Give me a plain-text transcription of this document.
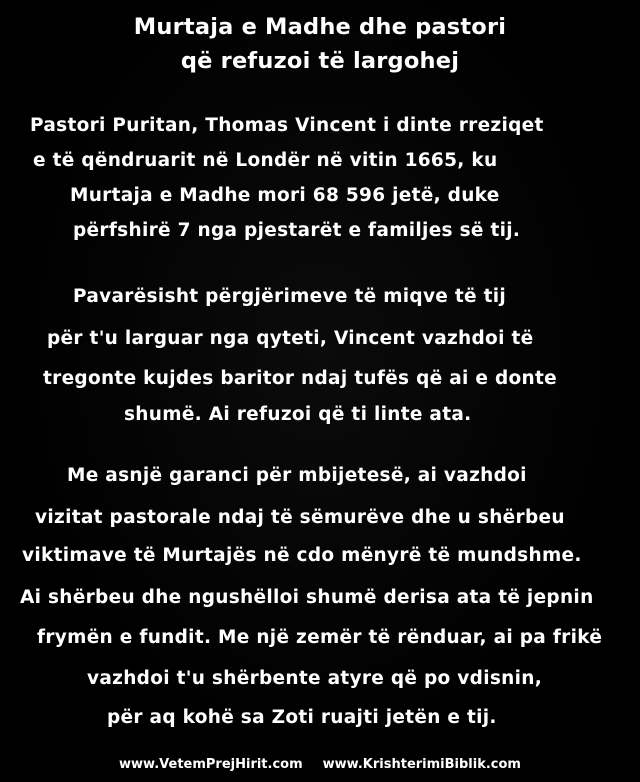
Murtaja e Madhe dhe pastori
që refuzoi të largohej
Pastori Puritan, Thomas Vincent i dinte rreziqet
e të qëndruarit në Londër në vitin 1665, ku
Murtaja e Madhe mori 68 596 jetë, duke
përfshirë 7 nga pjestarët e familjes së tij.
Pavarësisht përgjërimeve të miqve të tij
për t'u larguar nga qyteti, Vincent vazhdoi të
tregonte kujdes baritor ndaj tufës që ai e donte
shumë. Ai refuzoi që ti linte ata.
Me asnjë garanci për mbijetesë, ai vazhdoi
vizitat pastorale ndaj të sëmurëve dhe u shërbeu
viktimave të Murtajës në cdo mënyrë të mundshme.
Ai shërbeu dhe ngushëlloi shumë derisa ata të jepnin
frymën e fundit. Me një zemër të rënduar, ai pa frikë
vazhdoi t'u shërbente atyre që po vdisnin,
për aq kohë sa Zoti ruajti jetën e tij.
www.VetemPrejHirit.com www.KrishterimiBiblik.com
